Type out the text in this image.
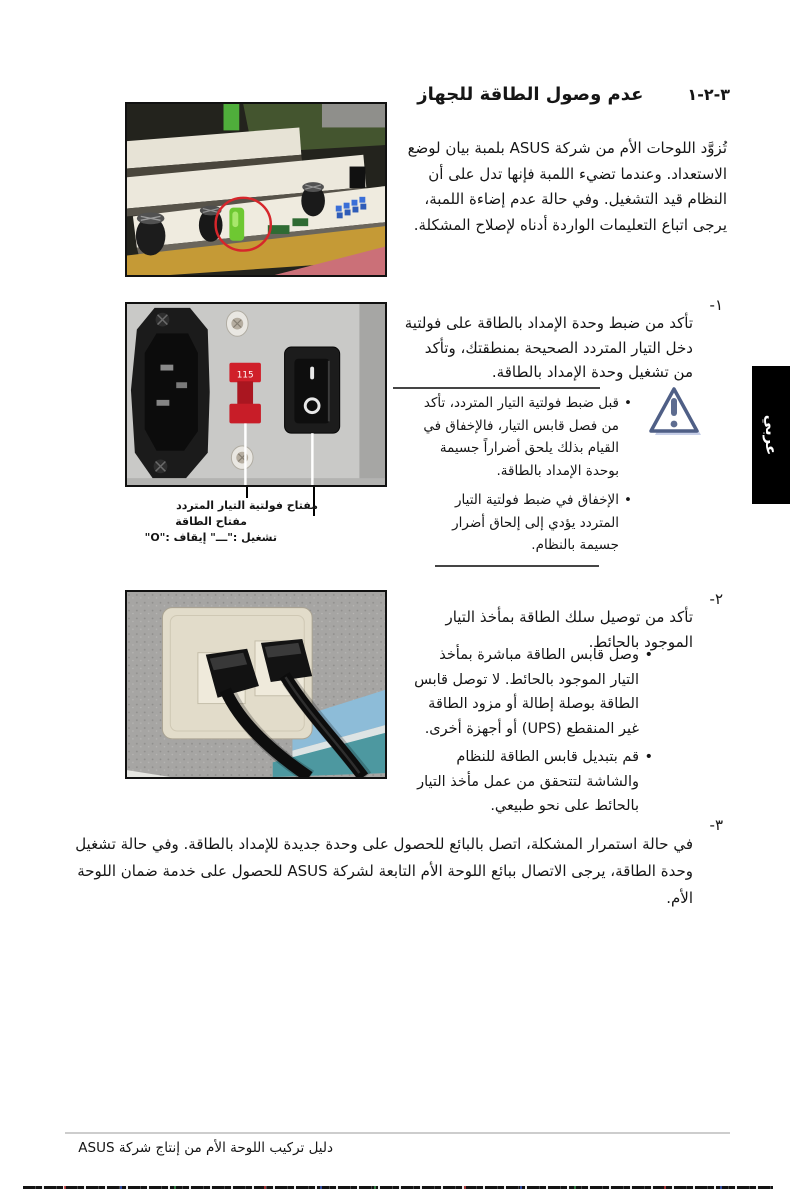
٣-٢-١
عدم وصول الطاقة للجهاز

تُزوَّد اللوحات الأم من شركة ASUS بلمبة بيان لوضع الاستعداد. وعندما تضيء اللمبة فإنها تدل على أن النظام قيد التشغيل. وفي حالة عدم إضاءة اللمبة، يرجى اتباع التعليمات الواردة أدناه لإصلاح المشكلة.

١-

تأكد من ضبط وحدة الإمداد بالطاقة على فولتية دخل التيار المتردد الصحيحة بمنطقتك، وتأكد من تشغيل وحدة الإمداد بالطاقة.

•
قبل ضبط فولتية التيار المتردد، تأكد من فصل قابس التيار، فالإخفاق في القيام بذلك يلحق أضراراً جسيمة بوحدة الإمداد بالطاقة.

•
الإخفاق في ضبط فولتية التيار المتردد يؤدي إلى إلحاق أضرار جسيمة بالنظام.

115
مفتاح فولتية التيار المتردد
مفتاح الطاقة
تشغيل :"ـــ" إيقاف :"O"
٢-

تأكد من توصيل سلك الطاقة بمأخذ التيار الموجود بالحائط.

•
وصل قابس الطاقة مباشرة بمأخذ التيار الموجود بالحائط. لا توصل قابس الطاقة بوصلة إطالة أو مزود الطاقة غير المنقطع (UPS) أو أجهزة أخرى.

•
قم بتبديل قابس الطاقة للنظام والشاشة لتتحقق من عمل مأخذ التيار بالحائط على نحو طبيعي.

٣-

في حالة استمرار المشكلة، اتصل بالبائع للحصول على وحدة جديدة للإمداد بالطاقة. وفي حالة تشغيل وحدة الطاقة، يرجى الاتصال ببائع اللوحة الأم التابعة لشركة ASUS للحصول على خدمة ضمان اللوحة الأم.

عربي
دليل تركيب اللوحة الأم من إنتاج شركة ASUS
